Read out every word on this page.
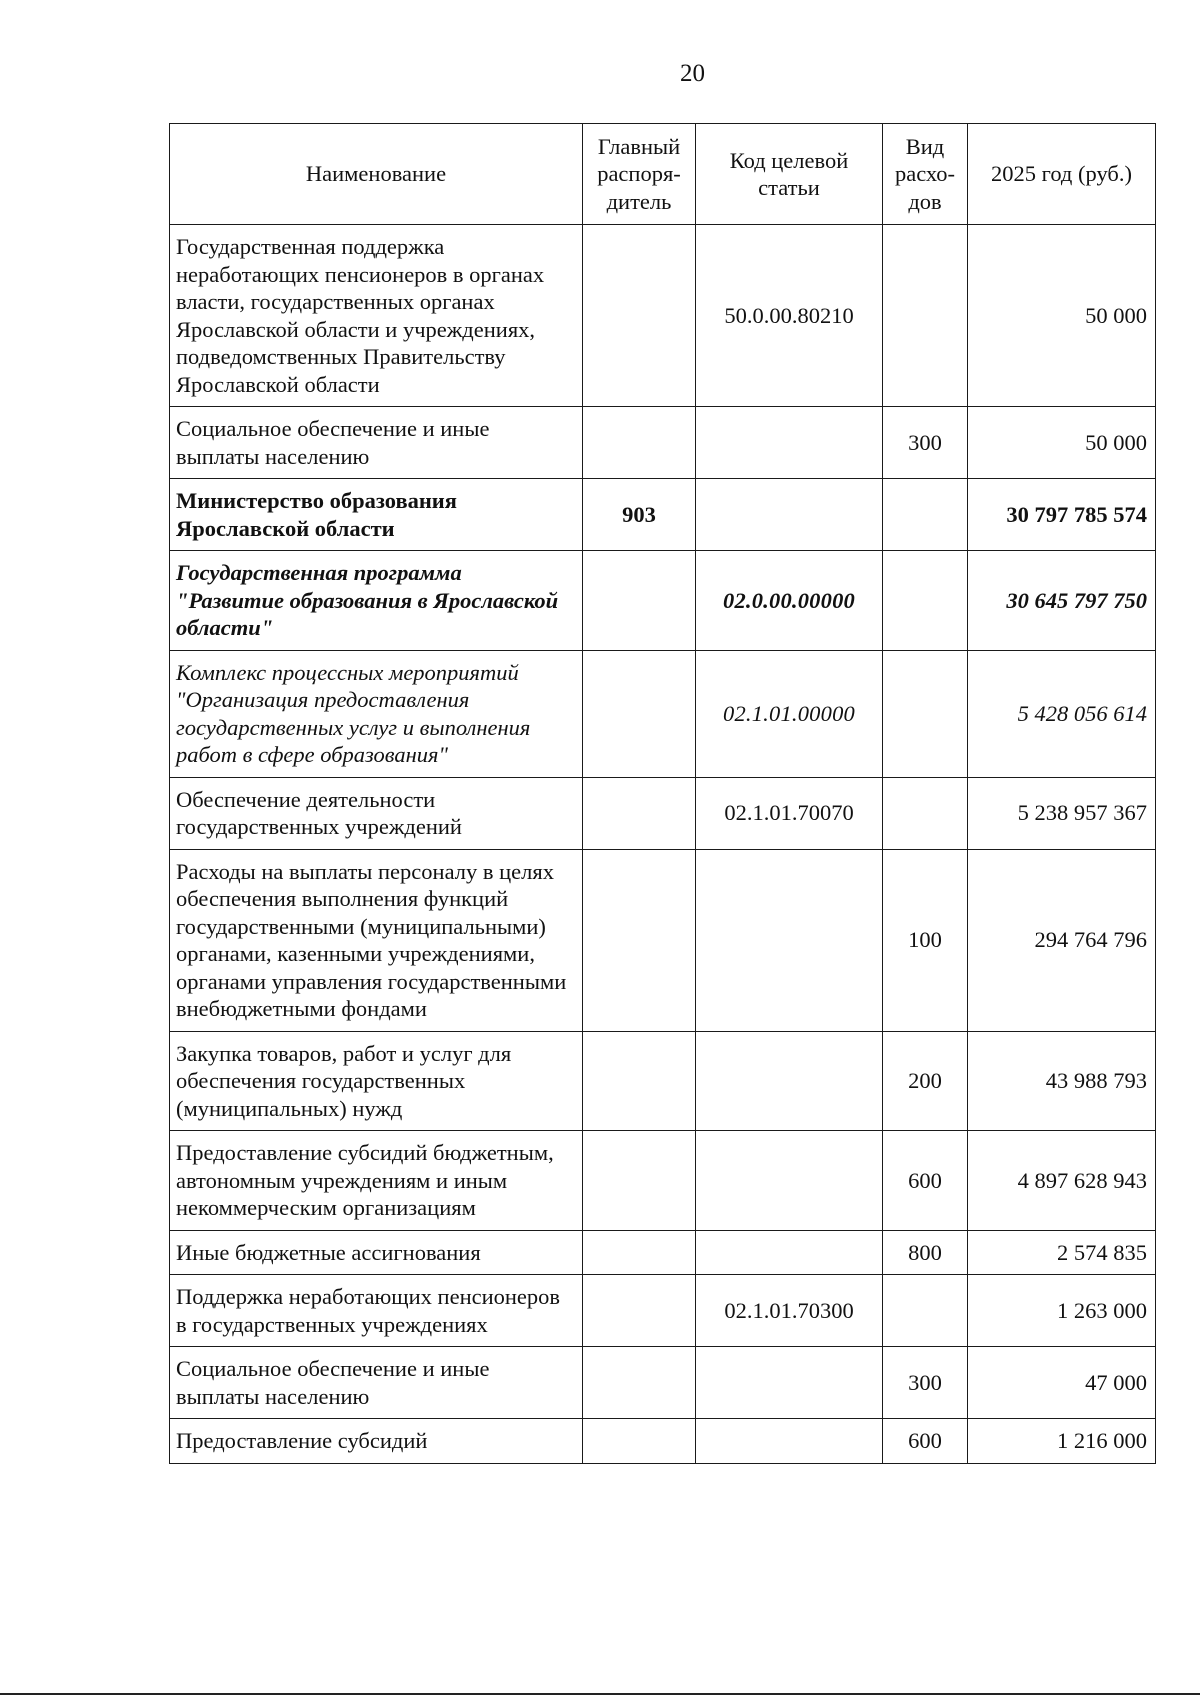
20
Наименование	Главный распоря-дитель	Код целевой статьи	Вид расхо-дов	2025 год (руб.)
Государственная поддержка неработающих пенсионеров в органах власти, государственных органах Ярославской области и учреждениях, подведомственных Правительству Ярославской области		50.0.00.80210		50 000
Социальное обеспечение и иные выплаты населению			300	50 000
Министерство образования Ярославской области	903			30 797 785 574
Государственная программа "Развитие образования в Ярославской области"		02.0.00.00000		30 645 797 750
Комплекс процессных мероприятий "Организация предоставления государственных услуг и выполнения работ в сфере образования"		02.1.01.00000		5 428 056 614
Обеспечение деятельности государственных учреждений		02.1.01.70070		5 238 957 367
Расходы на выплаты персоналу в целях обеспечения выполнения функций государственными (муниципальными) органами, казенными учреждениями, органами управления государственными внебюджетными фондами			100	294 764 796
Закупка товаров, работ и услуг для обеспечения государственных (муниципальных) нужд			200	43 988 793
Предоставление субсидий бюджетным, автономным учреждениям и иным некоммерческим организациям			600	4 897 628 943
Иные бюджетные ассигнования			800	2 574 835
Поддержка неработающих пенсионеров в государственных учреждениях		02.1.01.70300		1 263 000
Социальное обеспечение и иные выплаты населению			300	47 000
Предоставление субсидий			600	1 216 000
